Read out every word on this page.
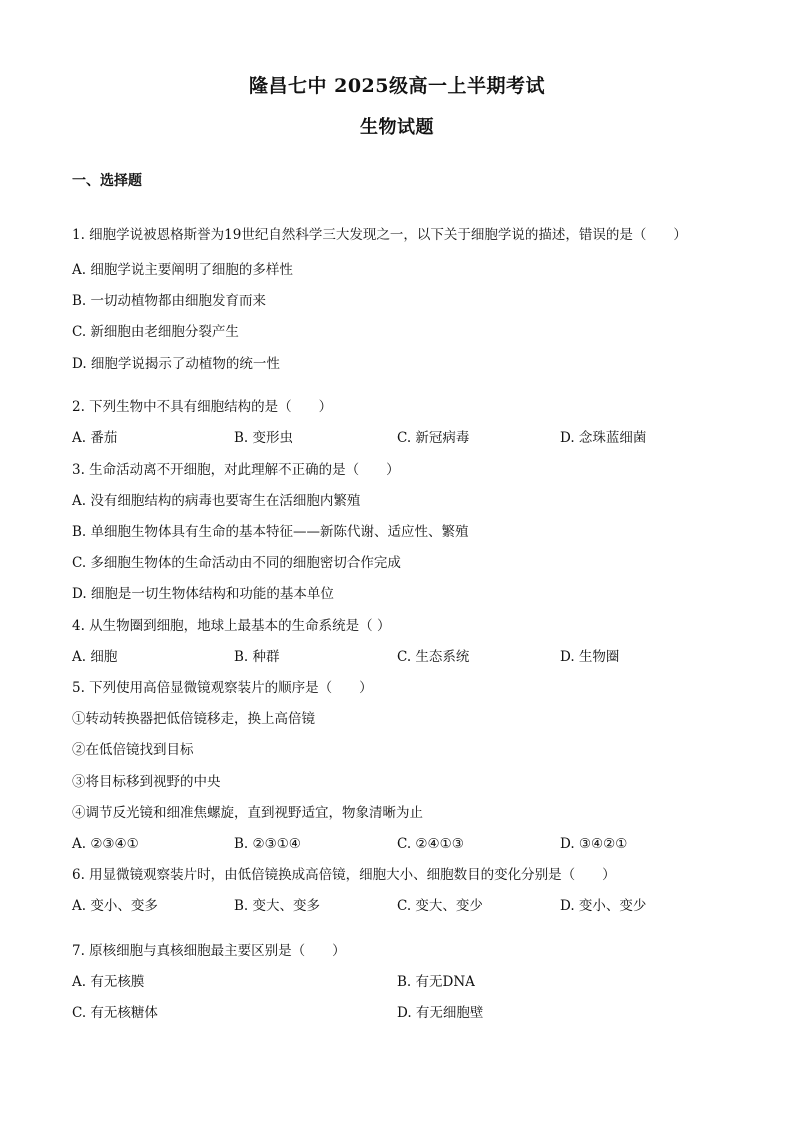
隆昌七中 2025级高一上半期考试
生物试题
一、选择题
1. 细胞学说被恩格斯誉为19世纪自然科学三大发现之一，以下关于细胞学说的描述，错误的是（　　）
A. 细胞学说主要阐明了细胞的多样性
B. 一切动植物都由细胞发育而来
C. 新细胞由老细胞分裂产生
D. 细胞学说揭示了动植物的统一性
2. 下列生物中不具有细胞结构的是（　　）
A. 番茄	B. 变形虫	C. 新冠病毒	D. 念珠蓝细菌
3. 生命活动离不开细胞，对此理解不正确的是（　　）
A. 没有细胞结构的病毒也要寄生在活细胞内繁殖
B. 单细胞生物体具有生命的基本特征——新陈代谢、适应性、繁殖
C. 多细胞生物体的生命活动由不同的细胞密切合作完成
D. 细胞是一切生物体结构和功能的基本单位
4. 从生物圈到细胞，地球上最基本的生命系统是（ ）
A. 细胞	B. 种群	C. 生态系统	D. 生物圈
5. 下列使用高倍显微镜观察装片的顺序是（　　）
①转动转换器把低倍镜移走，换上高倍镜
②在低倍镜找到目标
③将目标移到视野的中央
④调节反光镜和细准焦螺旋，直到视野适宜，物象清晰为止
A. ②③④①	B. ②③①④	C. ②④①③	D. ③④②①
6. 用显微镜观察装片时，由低倍镜换成高倍镜，细胞大小、细胞数目的变化分别是（　　）
A. 变小、变多	B. 变大、变多	C. 变大、变少	D. 变小、变少
7. 原核细胞与真核细胞最主要区别是（　　）
A. 有无核膜	B. 有无DNA
C. 有无核糖体	D. 有无细胞壁
